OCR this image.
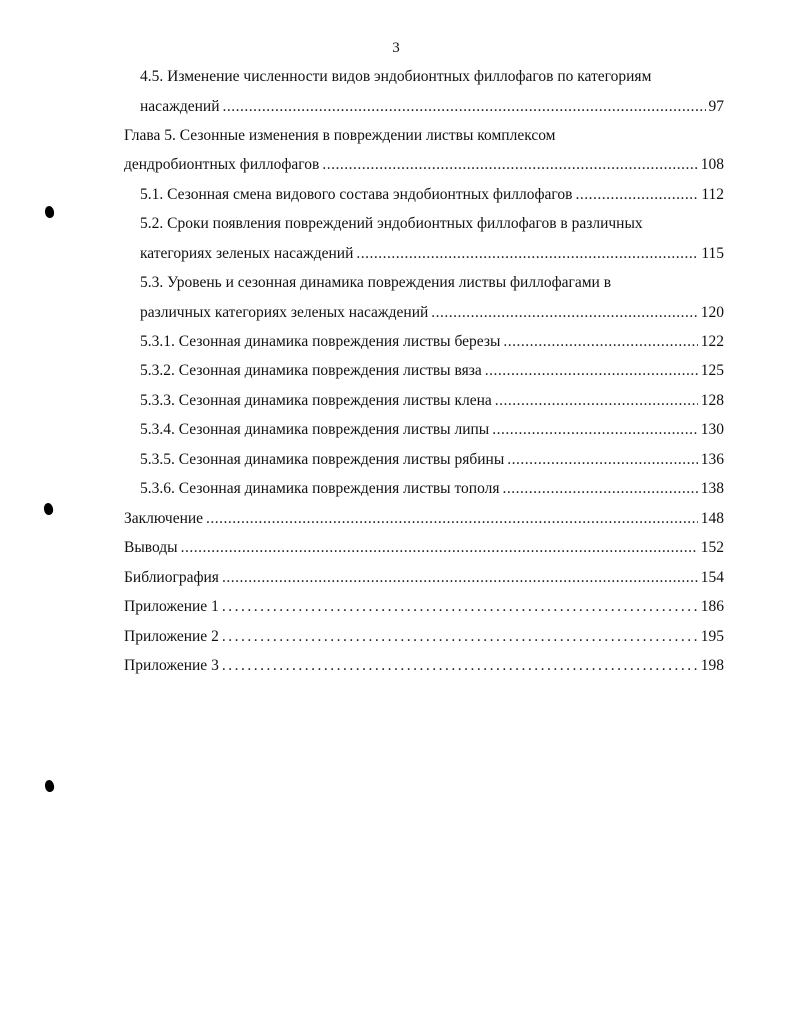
3
4.5. Изменение численности видов эндобионтных филлофагов по категориям
насаждений .....	97
Глава 5. Сезонные изменения в повреждении листвы комплексом
дендробионтных филлофагов .....	108
5.1. Сезонная смена видового состава эндобионтных филлофагов .....	112
5.2. Сроки появления повреждений эндобионтных филлофагов в различных
категориях зеленых насаждений .....	115
5.3. Уровень и сезонная динамика повреждения листвы филлофагами в
различных категориях зеленых насаждений .....	120
5.3.1. Сезонная динамика повреждения листвы березы .....	122
5.3.2. Сезонная динамика повреждения листвы вяза .....	125
5.3.3. Сезонная динамика повреждения листвы клена .....	128
5.3.4. Сезонная динамика повреждения листвы липы .....	130
5.3.5. Сезонная динамика повреждения листвы рябины .....	136
5.3.6. Сезонная динамика повреждения листвы тополя .....	138
Заключение .....	148
Выводы .....	152
Библиография .....	154
Приложение 1 .....	186
Приложение 2 .....	195
Приложение 3 .....	198
